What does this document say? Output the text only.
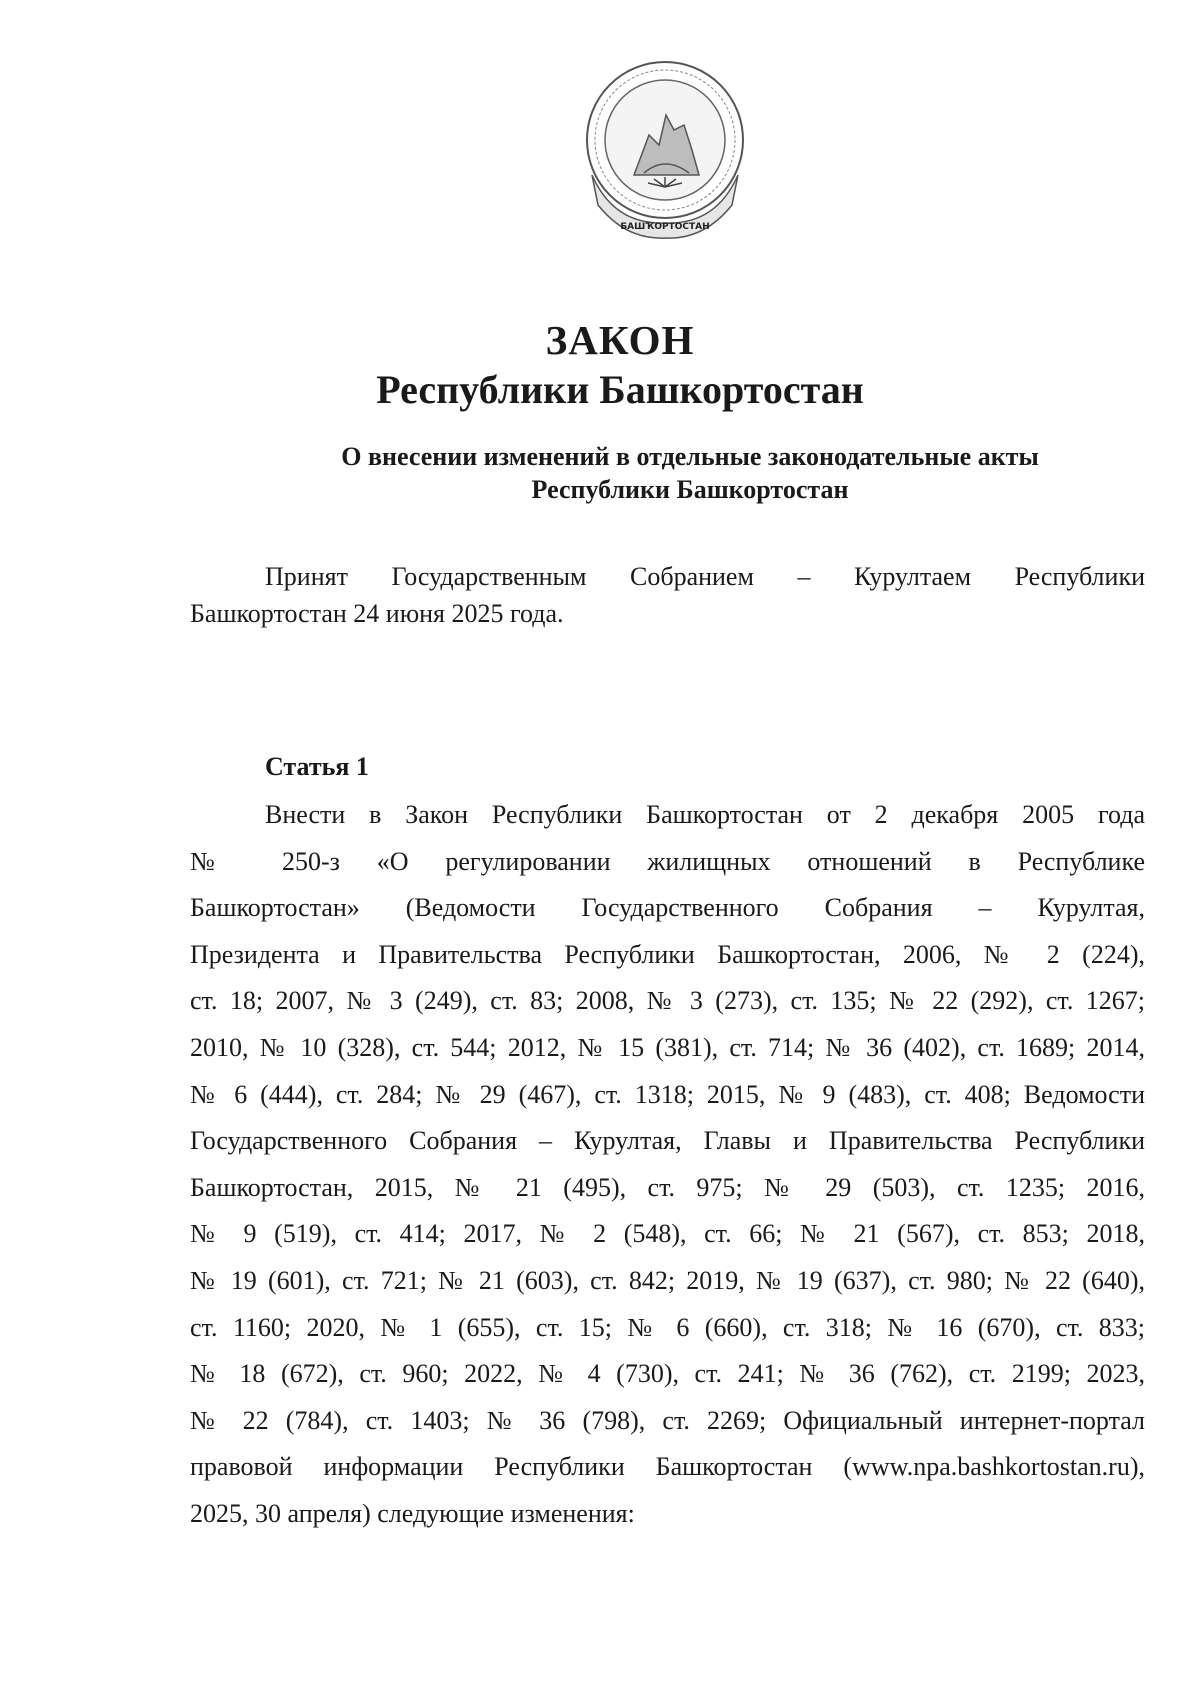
БАШҠОРТОСТАН
ЗАКОН
Республики Башкортостан
О внесении изменений в отдельные законодательные акты
Республики Башкортостан

Принят Государственным Собранием – Курултаем Республики

Башкортостан 24 июня 2025 года.

Статья 1
Внести в Закон Республики Башкортостан от 2 декабря 2005 года
№ 250-з «О регулировании жилищных отношений в Республике
Башкортостан» (Ведомости Государственного Собрания – Курултая,
Президента и Правительства Республики Башкортостан, 2006, № 2 (224),
ст. 18; 2007, № 3 (249), ст. 83; 2008, № 3 (273), ст. 135; № 22 (292), ст. 1267;
2010, № 10 (328), ст. 544; 2012, № 15 (381), ст. 714; № 36 (402), ст. 1689; 2014,
№ 6 (444), ст. 284; № 29 (467), ст. 1318; 2015, № 9 (483), ст. 408; Ведомости
Государственного Собрания – Курултая, Главы и Правительства Республики
Башкортостан, 2015, № 21 (495), ст. 975; № 29 (503), ст. 1235; 2016,
№ 9 (519), ст. 414; 2017, № 2 (548), ст. 66; № 21 (567), ст. 853; 2018,
№ 19 (601), ст. 721; № 21 (603), ст. 842; 2019, № 19 (637), ст. 980; № 22 (640),
ст. 1160; 2020, № 1 (655), ст. 15; № 6 (660), ст. 318; № 16 (670), ст. 833;
№ 18 (672), ст. 960; 2022, № 4 (730), ст. 241; № 36 (762), ст. 2199; 2023,
№ 22 (784), ст. 1403; № 36 (798), ст. 2269; Официальный интернет-портал
правовой информации Республики Башкортостан (www.npa.bashkortostan.ru),
2025, 30 апреля) следующие изменения:
